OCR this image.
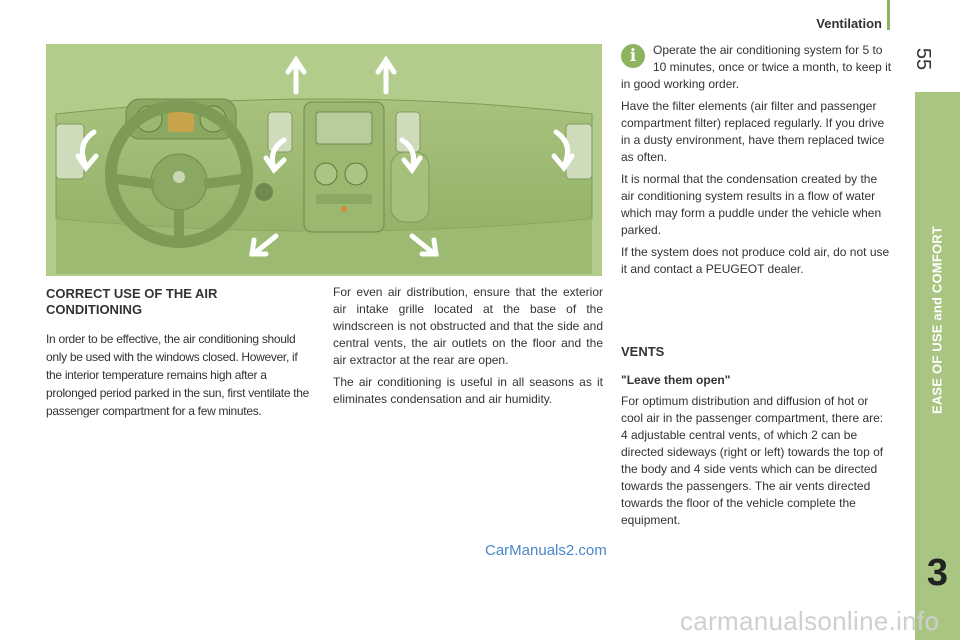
Ventilation
55
EASE OF USE and COMFORT
3
CORRECT USE OF THE AIR CONDITIONING

In order to be effective, the air conditioning should only be used with the windows closed. However, if the interior temperature remains high after a prolonged period parked in the sun, first ventilate the passenger compartment for a few minutes.

For even air distribution, ensure that the exterior air intake grille located at the base of the windscreen is not obstructed and that the side and central vents, the air outlets on the floor and the air extractor at the rear are open.

The air conditioning is useful in all seasons as it eliminates condensation and air humidity.

i	Operate the air conditioning system for 5 to 10 minutes, once or twice a month, to keep it in good working order.

Have the filter elements (air filter and passenger compartment filter) replaced regularly. If you drive in a dusty environment, have them replaced twice as often.

It is normal that the condensation created by the air conditioning system results in a flow of water which may form a puddle under the vehicle when parked.

If the system does not produce cold air, do not use it and contact a PEUGEOT dealer.

VENTS
"Leave them open"

For optimum distribution and diffusion of hot or cool air in the passenger compartment, there are: 4 adjustable central vents, of which 2 can be directed sideways (right or left) towards the top of the body and 4 side vents which can be directed towards the passengers. The air vents directed towards the floor of the vehicle complete the equipment.

CarManuals2.com
carmanualsonline.info
